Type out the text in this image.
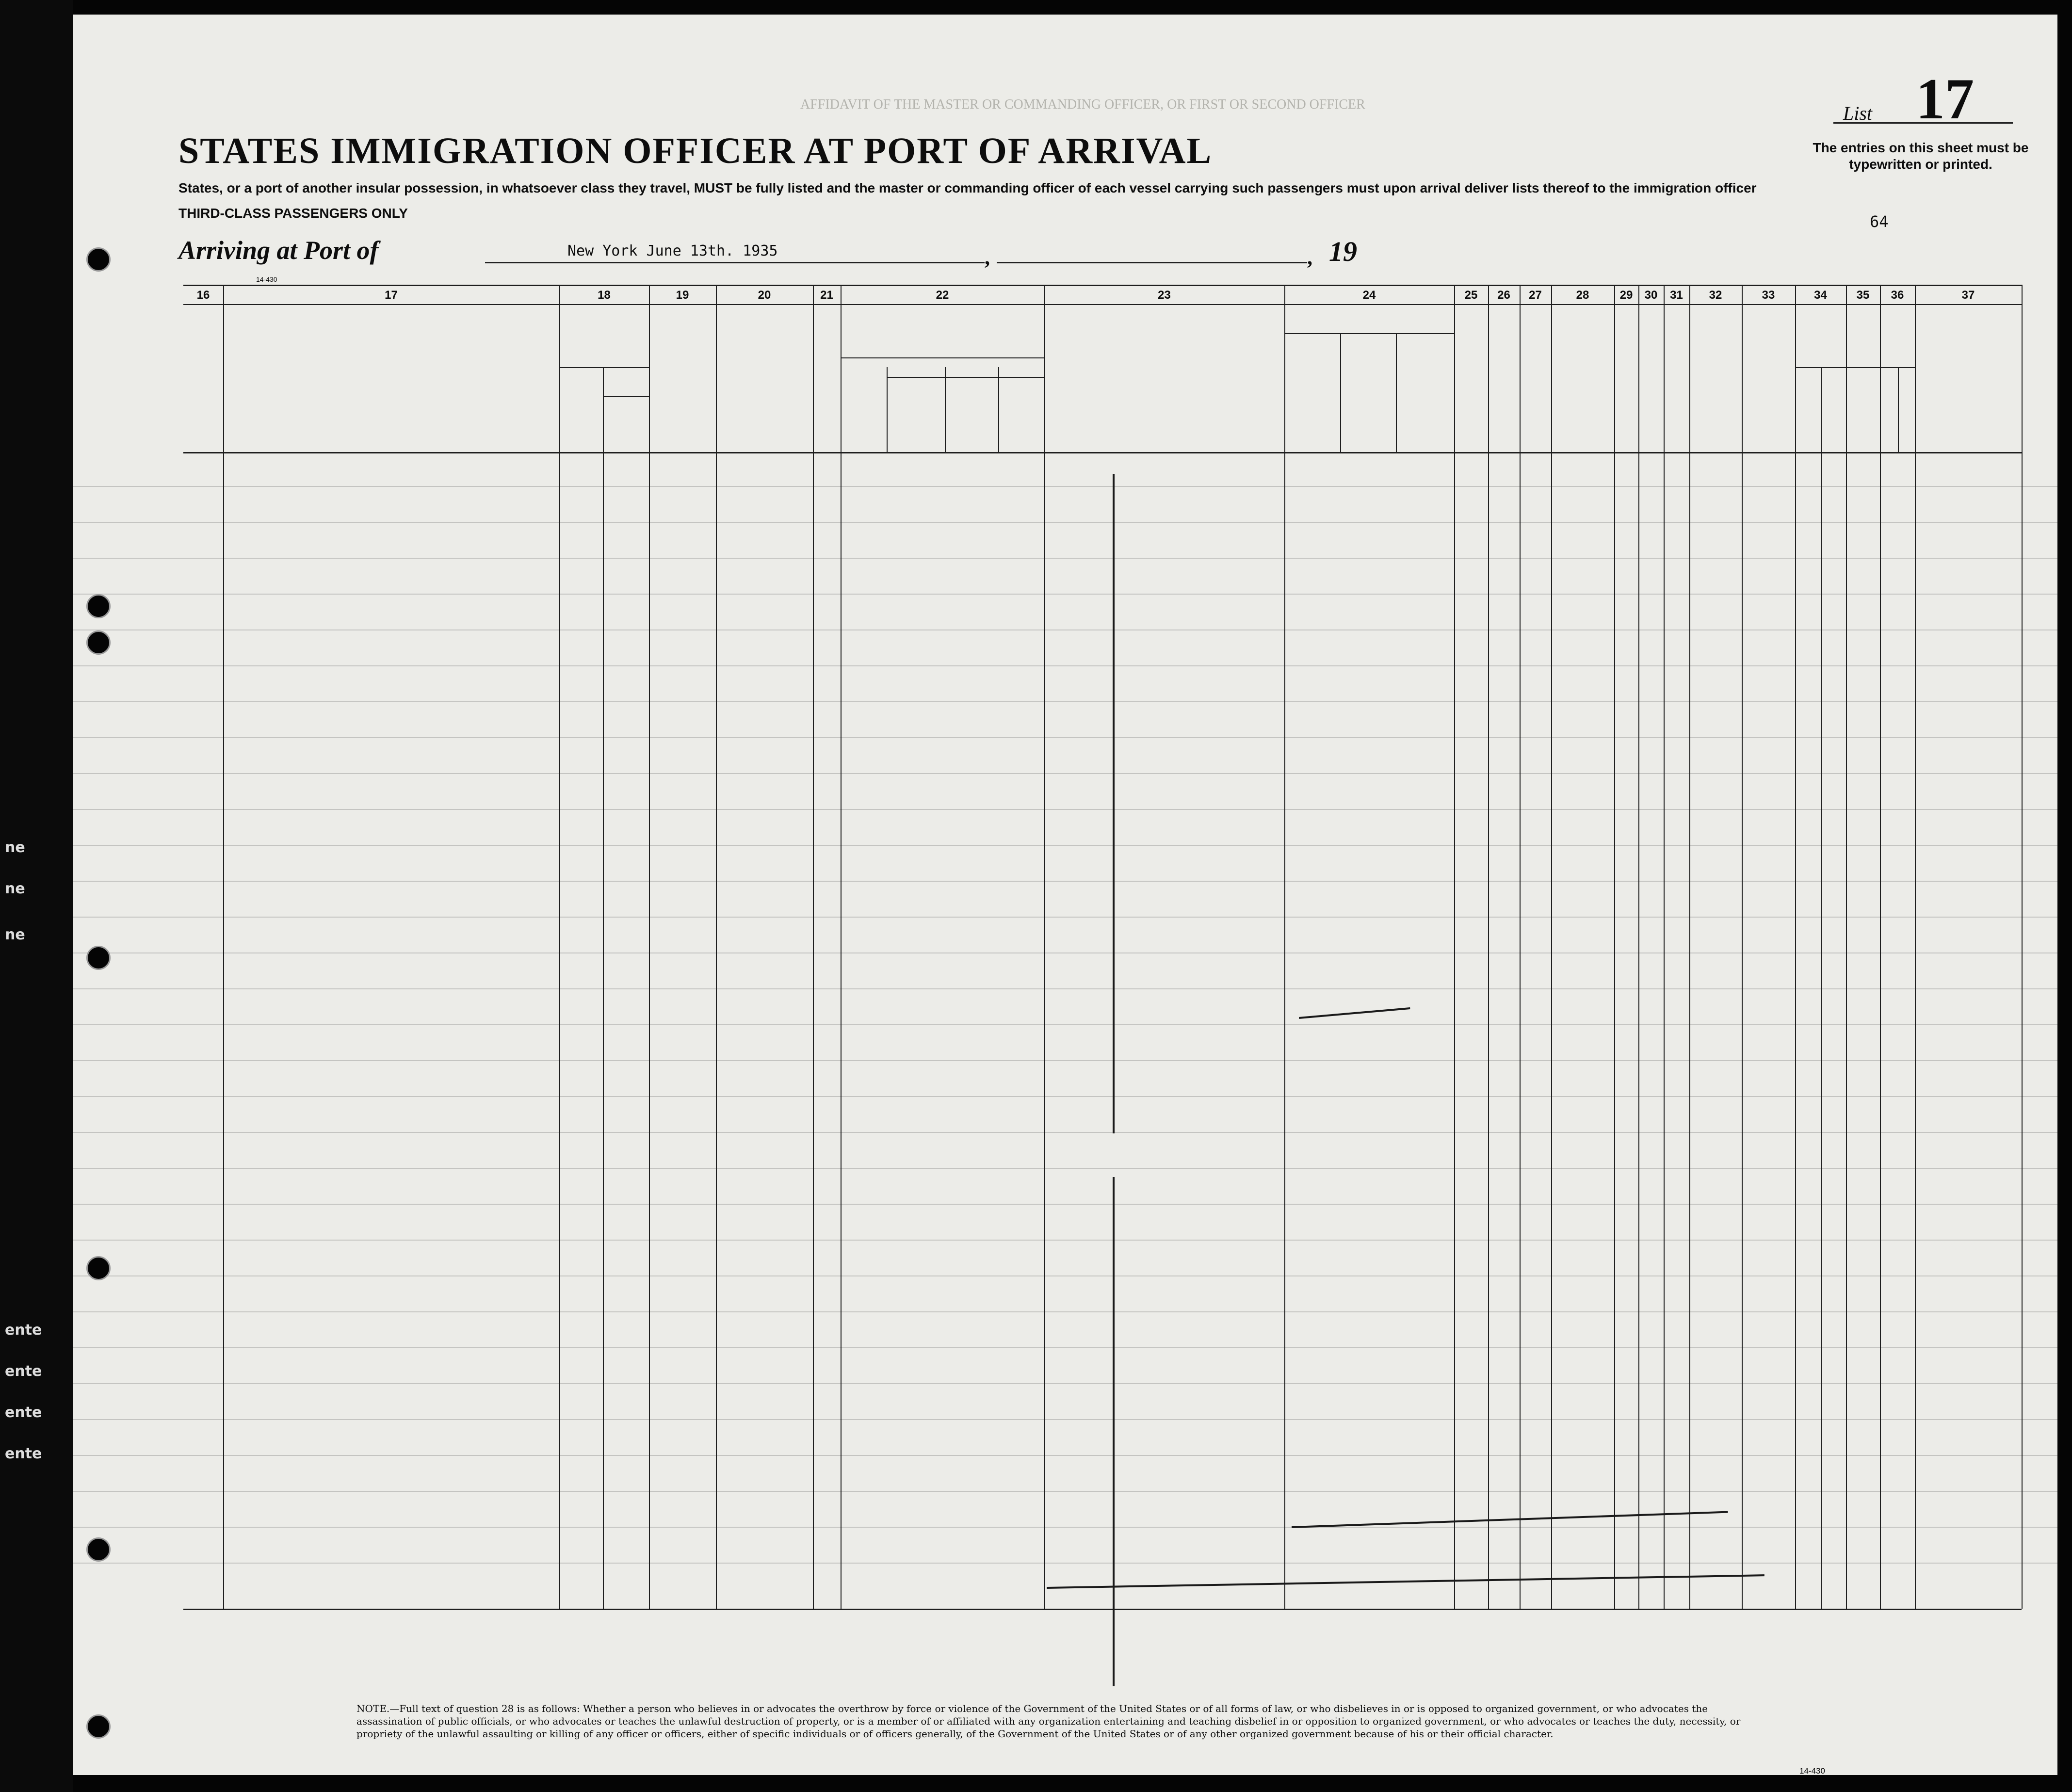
ne
ne
ne
ente
ente
ente
ente
AFFIDAVIT OF THE MASTER OR COMMANDING OFFICER, OR FIRST OR SECOND OFFICER
STATES IMMIGRATION OFFICER AT PORT OF ARRIVAL
States, or a port of another insular possession, in whatsoever class they travel, MUST be fully listed and the master or commanding officer of each vessel carrying such passengers must upon arrival deliver lists thereof to the immigration officer
THIRD-CLASS PASSENGERS ONLY
Arriving at Port of	New York June 13th. 1935	,	, 19
List 17
The entries on this sheet must be typewritten or printed.
64
14-430
16	17	18	19	20	21	22	23	24	25	26	27	28	29	30	31	32	33	34	35	36	37
NOTE.—Full text of question 28 is as follows: Whether a person who believes in or advocates the overthrow by force or violence of the Government of the United States or of all forms of law, or who disbelieves in or is opposed to organized government, or who advocates the assassination of public officials, or who advocates or teaches the unlawful destruction of property, or is a member of or affiliated with any organization entertaining and teaching disbelief in or opposition to organized government, or who advocates or teaches the duty, necessity, or propriety of the unlawful assaulting or killing of any officer or officers, either of specific individuals or of officers generally, of the Government of the United States or of any other organized government because of his or their official character.
14-430
